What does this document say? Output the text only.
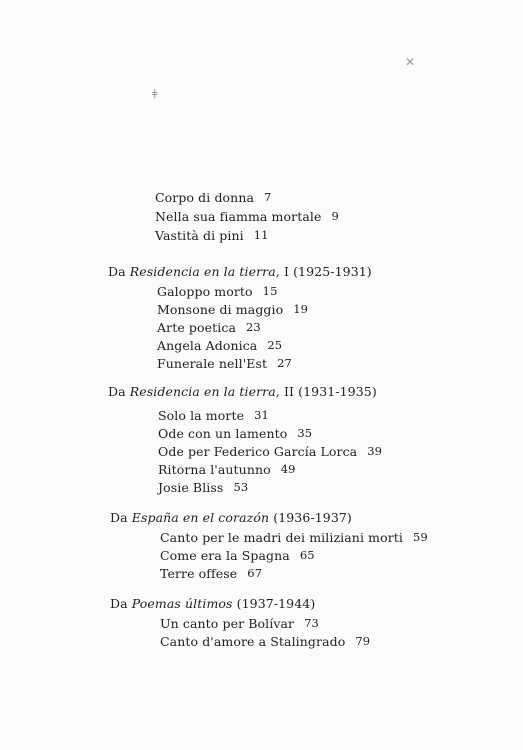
✕
ǂ
Corpo di donna 7
Nella sua fiamma mortale 9
Vastità di pini 11
Da Residencia en la tierra, I (1925-1931)
Galoppo morto 15
Monsone di maggio 19
Arte poetica 23
Angela Adonica 25
Funerale nell'Est 27
Da Residencia en la tierra, II (1931-1935)
Solo la morte 31
Ode con un lamento 35
Ode per Federico García Lorca 39
Ritorna l'autunno 49
Josie Bliss 53
Da España en el corazón (1936-1937)
Canto per le madri dei miliziani morti 59
Come era la Spagna 65
Terre offese 67
Da Poemas últimos (1937-1944)
Un canto per Bolívar 73
Canto d'amore a Stalingrado 79
